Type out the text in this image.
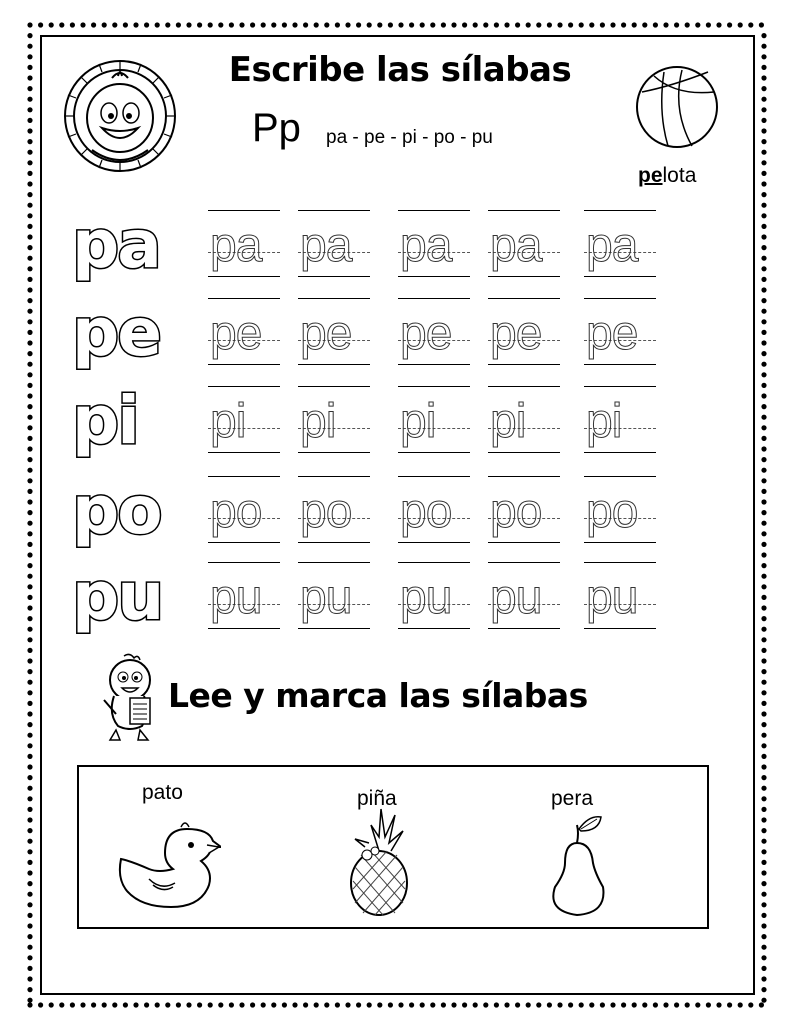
Escribe las sílabas
Pp pa - pe - pi - po - pu
pelota
pa pa pa pa pa pa
pe pe pe pe pe pe
pi pi pi pi pi pi
po po po po po po
pu pu pu pu pu pu
Lee y marca las sílabas
pato	piña	pera
